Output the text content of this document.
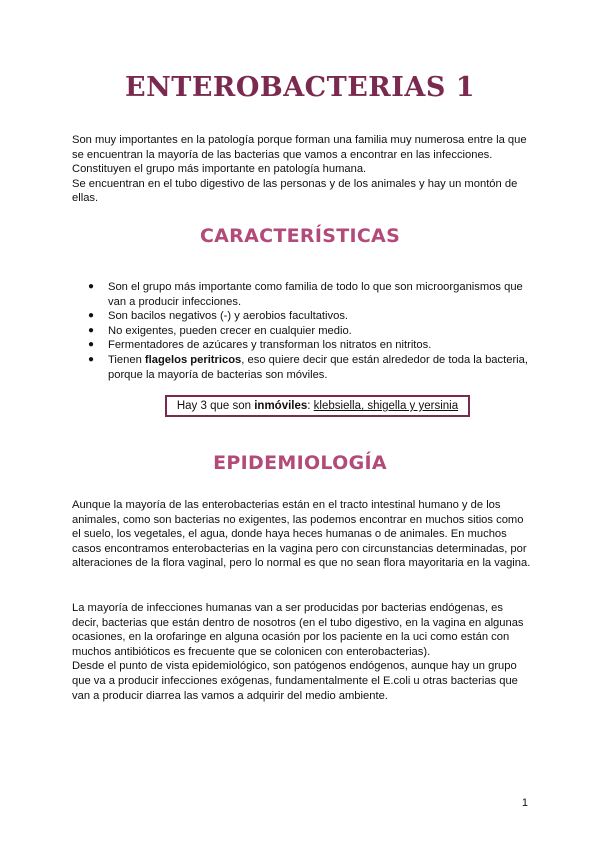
ENTEROBACTERIAS 1
Son muy importantes en la patología porque forman una familia muy numerosa entre la que se encuentran la mayoría de las bacterias que vamos a encontrar en las infecciones.
Constituyen el grupo más importante en patología humana.
Se encuentran en el tubo digestivo de las personas y de los animales y hay un montón de ellas.
CARACTERÍSTICAS
● Son el grupo más importante como familia de todo lo que son microorganismos que van a producir infecciones.
● Son bacilos negativos (-) y aerobios facultativos.
● No exigentes, pueden crecer en cualquier medio.
● Fermentadores de azúcares y transforman los nitratos en nitritos.
● Tienen flagelos peritricos, eso quiere decir que están alrededor de toda la bacteria, porque la mayoría de bacterias son móviles.
Hay 3 que son inmóviles: klebsiella, shigella y yersinia
EPIDEMIOLOGÍA

Aunque la mayoría de las enterobacterias están en el tracto intestinal humano y de los animales, como son bacterias no exigentes, las podemos encontrar en muchos sitios como el suelo, los vegetales, el agua, donde haya heces humanas o de animales. En muchos casos encontramos enterobacterias en la vagina pero con circunstancias determinadas, por alteraciones de la flora vaginal, pero lo normal es que no sean flora mayoritaria en la vagina.

La mayoría de infecciones humanas van a ser producidas por bacterias endógenas, es decir, bacterias que están dentro de nosotros (en el tubo digestivo, en la vagina en algunas ocasiones, en la orofaringe en alguna ocasión por los paciente en la uci como están con muchos antibióticos es frecuente que se colonicen con enterobacterias).
Desde el punto de vista epidemiológico, son patógenos endógenos, aunque hay un grupo que va a producir infecciones exógenas, fundamentalmente el E.coli u otras bacterias que van a producir diarrea las vamos a adquirir del medio ambiente.

1
